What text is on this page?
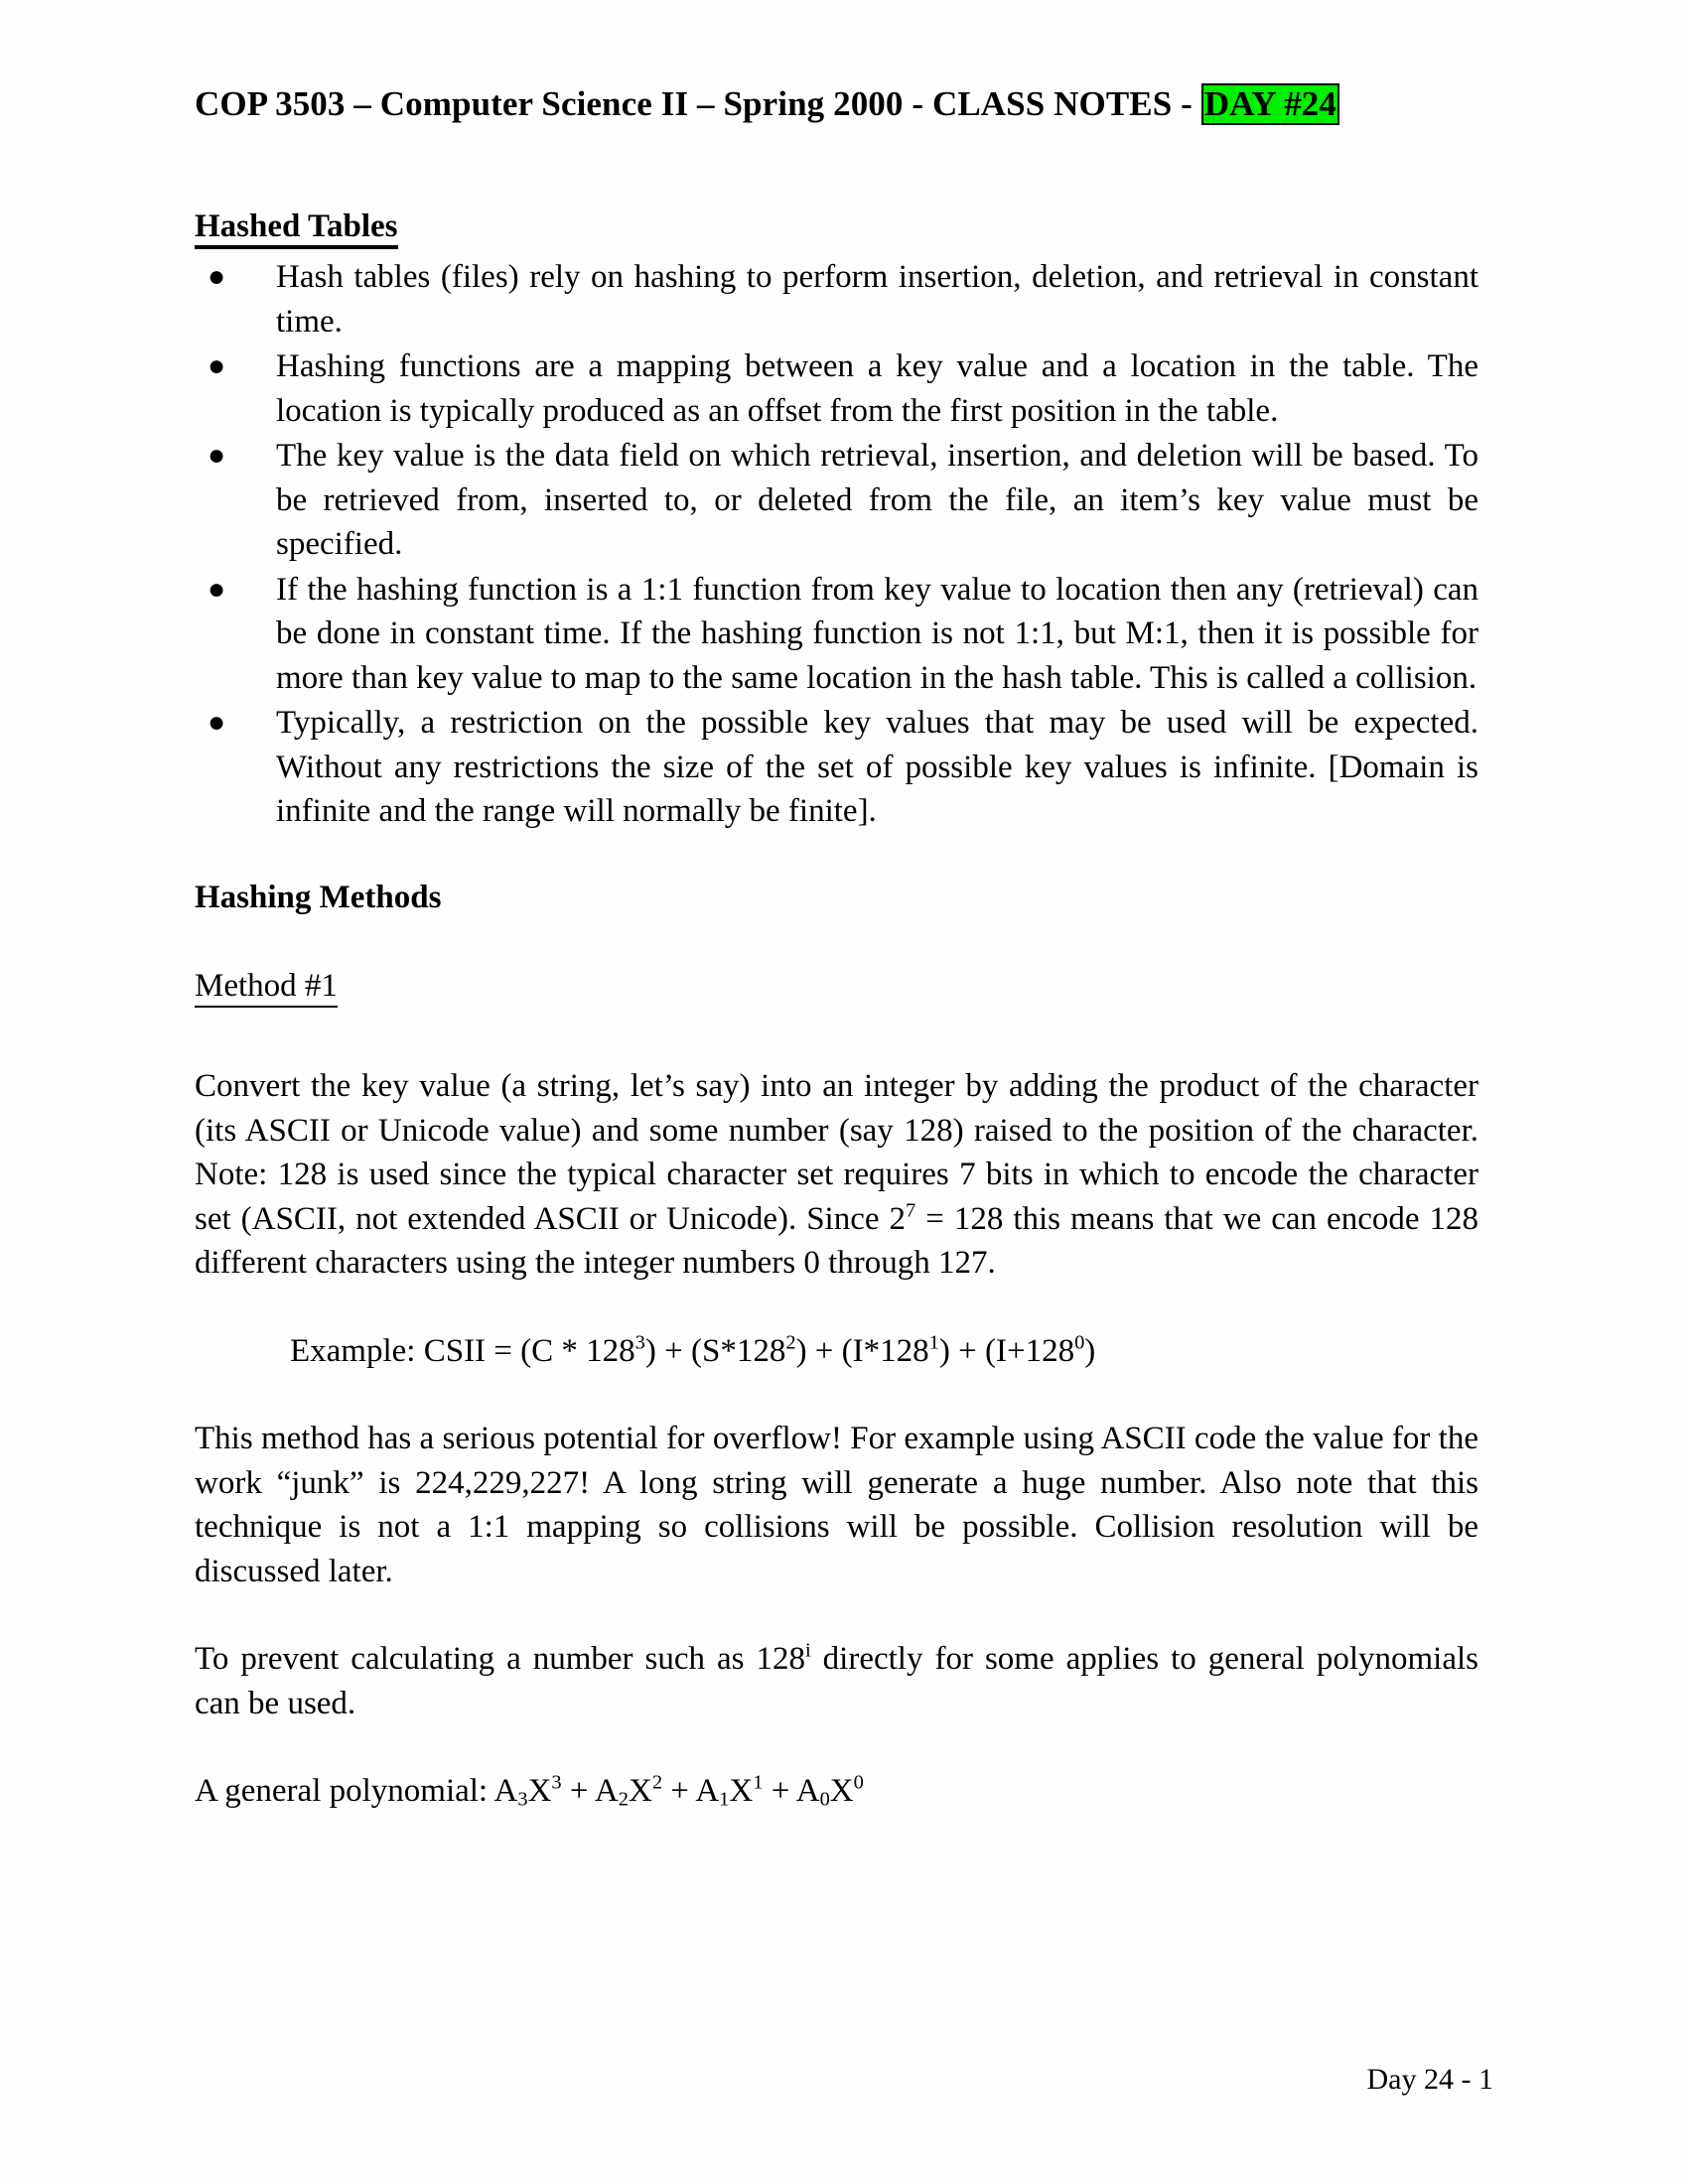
COP 3503 – Computer Science II – Spring 2000 - CLASS NOTES - DAY #24
Hashed Tables
● Hash tables (files) rely on hashing to perform insertion, deletion, and retrieval in constant time.
● Hashing functions are a mapping between a key value and a location in the table. The location is typically produced as an offset from the first position in the table.
● The key value is the data field on which retrieval, insertion, and deletion will be based. To be retrieved from, inserted to, or deleted from the file, an item’s key value must be specified.
● If the hashing function is a 1:1 function from key value to location then any (retrieval) can be done in constant time. If the hashing function is not 1:1, but M:1, then it is possible for more than key value to map to the same location in the hash table. This is called a collision.
● Typically, a restriction on the possible key values that may be used will be expected. Without any restrictions the size of the set of possible key values is infinite. [Domain is infinite and the range will normally be finite].
Hashing Methods
Method #1

Convert the key value (a string, let’s say) into an integer by adding the product of the character (its ASCII or Unicode value) and some number (say 128) raised to the position of the character. Note: 128 is used since the typical character set requires 7 bits in which to encode the character set (ASCII, not extended ASCII or Unicode). Since $2^7 = 128$ this means that we can encode 128 different characters using the integer numbers 0 through 127.

Example: CSII = $(C * 128^3) + (S*128^2) + (I*128^1) + (I+128^0)$

This method has a serious potential for overflow! For example using ASCII code the value for the work “junk” is 224,229,227! A long string will generate a huge number. Also note that this technique is not a 1:1 mapping so collisions will be possible. Collision resolution will be discussed later.

To prevent calculating a number such as 128$^i$ directly for some applies to general polynomials can be used.

A general polynomial: $A_3X^3 + A_2X^2 + A_1X^1 + A_0X^0$

Day 24 - 1
